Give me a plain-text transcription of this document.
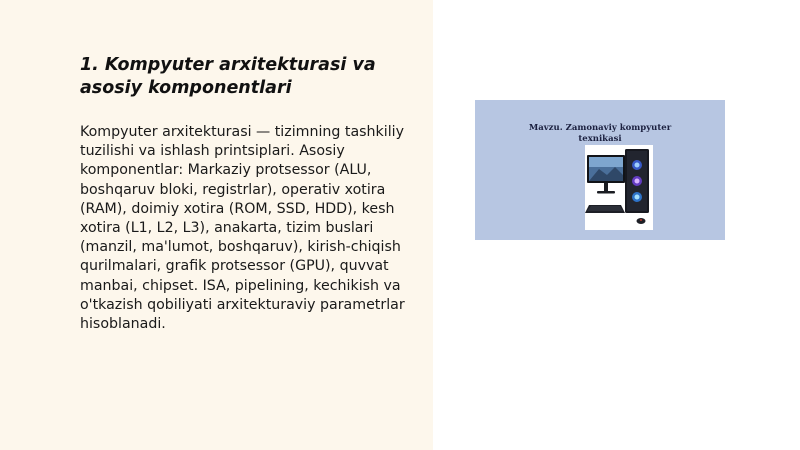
1. Kompyuter arxitekturasi va asosiy komponentlari

Kompyuter arxitekturasi — tizimning tashkiliy tuzilishi va ishlash printsiplari. Asosiy komponentlar: Markaziy protsessor (ALU, boshqaruv bloki, registrlar), operativ xotira (RAM), doimiy xotira (ROM, SSD, HDD), kesh xotira (L1, L2, L3), anakarta, tizim buslari (manzil, ma'lumot, boshqaruv), kirish-chiqish qurilmalari, grafik protsessor (GPU), quvvat manbai, chipset. ISA, pipelining, kechikish va o'tkazish qobiliyati arxitekturaviy parametrlar hisoblanadi.

Mavzu. Zamonaviy kompyuter texnikasi
